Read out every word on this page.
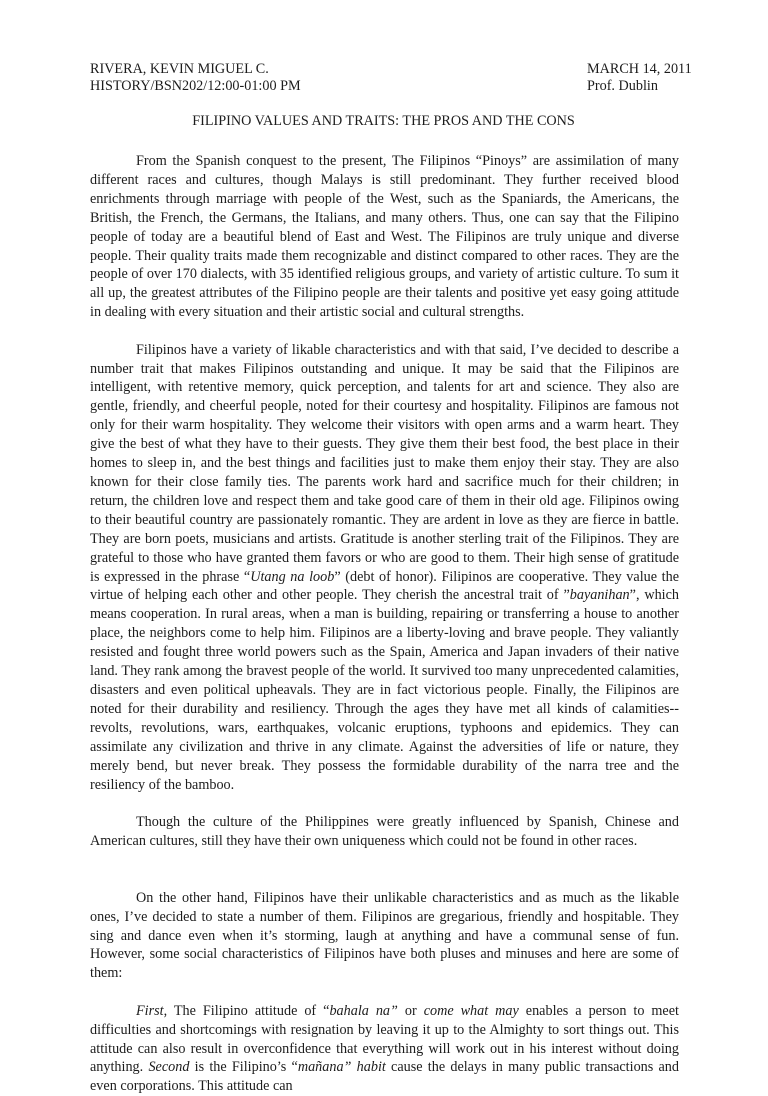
RIVERA, KEVIN MIGUEL C.
HISTORY/BSN202/12:00-01:00 PM
MARCH 14, 2011
Prof. Dublin
FILIPINO VALUES AND TRAITS: THE PROS AND THE CONS

From the Spanish conquest to the present, The Filipinos “Pinoys” are assimilation of many different races and cultures, though Malays is still predominant. They further received blood enrichments through marriage with people of the West, such as the Spaniards, the Americans, the British, the French, the Germans, the Italians, and many others. Thus, one can say that the Filipino people of today are a beautiful blend of East and West. The Filipinos are truly unique and diverse people. Their quality traits made them recognizable and distinct compared to other races. They are the people of over 170 dialects, with 35 identified religious groups, and variety of artistic culture. To sum it all up, the greatest attributes of the Filipino people are their talents and positive yet easy going attitude in dealing with every situation and their artistic social and cultural strengths.

Filipinos have a variety of likable characteristics and with that said, I’ve decided to describe a number trait that makes Filipinos outstanding and unique. It may be said that the Filipinos are intelligent, with retentive memory, quick perception, and talents for art and science. They also are gentle, friendly, and cheerful people, noted for their courtesy and hospitality. Filipinos are famous not only for their warm hospitality. They welcome their visitors with open arms and a warm heart. They give the best of what they have to their guests. They give them their best food, the best place in their homes to sleep in, and the best things and facilities just to make them enjoy their stay. They are also known for their close family ties. The parents work hard and sacrifice much for their children; in return, the children love and respect them and take good care of them in their old age. Filipinos owing to their beautiful country are passionately romantic. They are ardent in love as they are fierce in battle. They are born poets, musicians and artists. Gratitude is another sterling trait of the Filipinos. They are grateful to those who have granted them favors or who are good to them. Their high sense of gratitude is expressed in the phrase “Utang na loob” (debt of honor). Filipinos are cooperative. They value the virtue of helping each other and other people. They cherish the ancestral trait of ”bayanihan”, which means cooperation. In rural areas, when a man is building, repairing or transferring a house to another place, the neighbors come to help him. Filipinos are a liberty-loving and brave people. They valiantly resisted and fought three world powers such as the Spain, America and Japan invaders of their native land. They rank among the bravest people of the world. It survived too many unprecedented calamities, disasters and even political upheavals. They are in fact victorious people. Finally, the Filipinos are noted for their durability and resiliency. Through the ages they have met all kinds of calamities-- revolts, revolutions, wars, earthquakes, volcanic eruptions, typhoons and epidemics. They can assimilate any civilization and thrive in any climate. Against the adversities of life or nature, they merely bend, but never break. They possess the formidable durability of the narra tree and the resiliency of the bamboo.

Though the culture of the Philippines were greatly influenced by Spanish, Chinese and American cultures, still they have their own uniqueness which could not be found in other races.

On the other hand, Filipinos have their unlikable characteristics and as much as the likable ones, I’ve decided to state a number of them. Filipinos are gregarious, friendly and hospitable. They sing and dance even when it’s storming, laugh at anything and have a communal sense of fun. However, some social characteristics of Filipinos have both pluses and minuses and here are some of them:

First, The Filipino attitude of “bahala na” or come what may enables a person to meet difficulties and shortcomings with resignation by leaving it up to the Almighty to sort things out. This attitude can also result in overconfidence that everything will work out in his interest without doing anything. Second is the Filipino’s “mañana” habit cause the delays in many public transactions and even corporations. This attitude can
